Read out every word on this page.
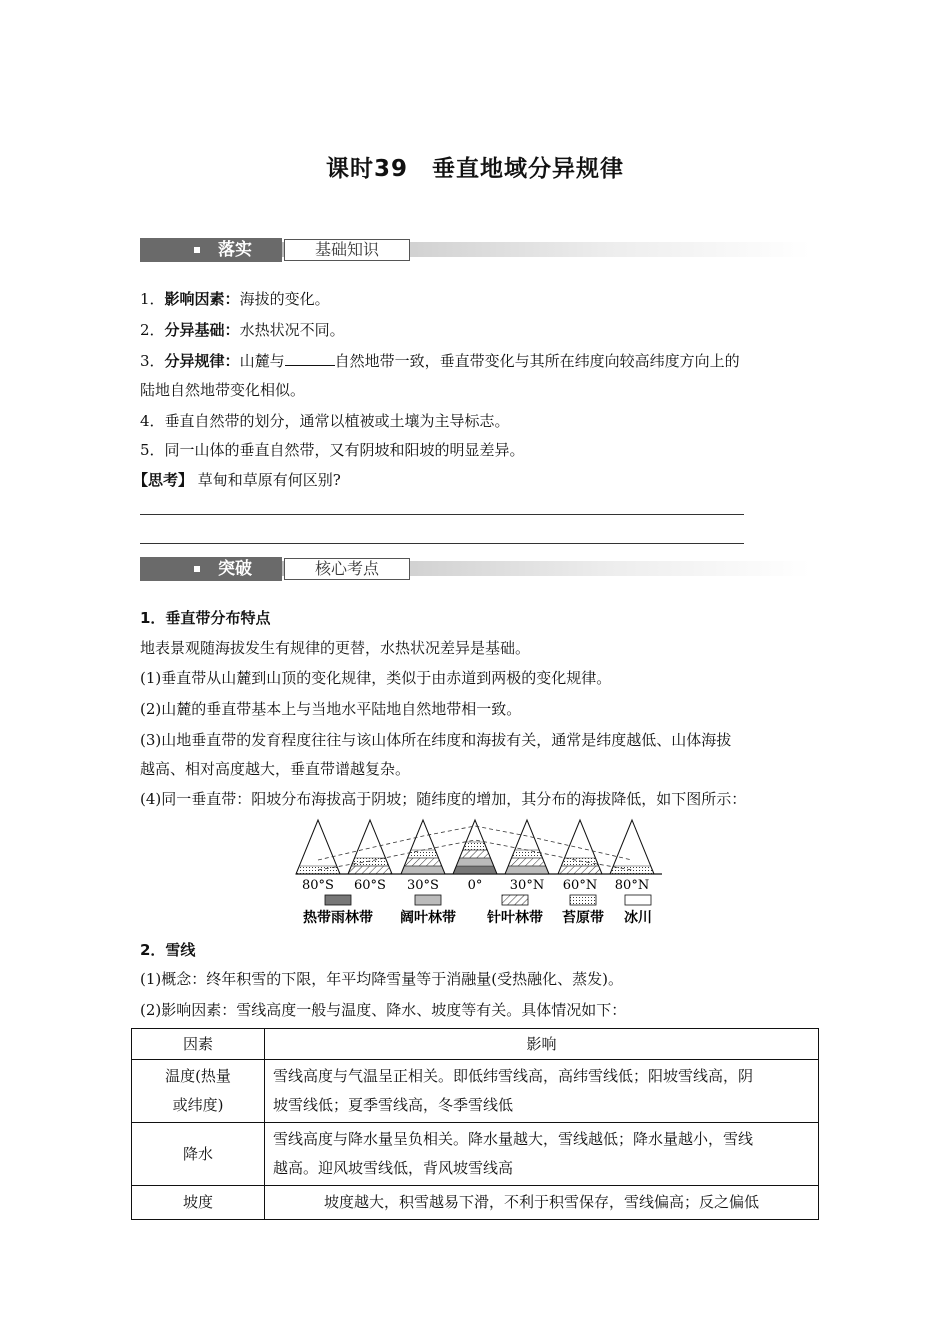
课时39　垂直地域分异规律
落实	基础知识
1．影响因素：海拔的变化。
2．分异基础：水热状况不同。
3．分异规律：山麓与	自然地带一致，垂直带变化与其所在纬度向较高纬度方向上的
陆地自然地带变化相似。
4．垂直自然带的划分，通常以植被或土壤为主导标志。
5．同一山体的垂直自然带，又有阴坡和阳坡的明显差异。
【思考】 草甸和草原有何区别?
突破	核心考点
1．垂直带分布特点
地表景观随海拔发生有规律的更替，水热状况差异是基础。
(1)垂直带从山麓到山顶的变化规律，类似于由赤道到两极的变化规律。
(2)山麓的垂直带基本上与当地水平陆地自然地带相一致。
(3)山地垂直带的发育程度往往与该山体所在纬度和海拔有关，通常是纬度越低、山体海拔
越高、相对高度越大，垂直带谱越复杂。
(4)同一垂直带：阳坡分布海拔高于阴坡；随纬度的增加，其分布的海拔降低，如下图所示：
80°S 60°S 30°S 0° 30°N 60°N 80°N
热带雨林带 阔叶林带 针叶林带 苔原带 冰川
2．雪线
(1)概念：终年积雪的下限，年平均降雪量等于消融量(受热融化、蒸发)。
(2)影响因素：雪线高度一般与温度、降水、坡度等有关。具体情况如下：
因素	影响
温度(热量
或纬度)	雪线高度与气温呈正相关。即低纬雪线高，高纬雪线低；阳坡雪线高，阴
坡雪线低；夏季雪线高，冬季雪线低
降水	雪线高度与降水量呈负相关。降水量越大，雪线越低；降水量越小，雪线
越高。迎风坡雪线低，背风坡雪线高
坡度	坡度越大，积雪越易下滑，不利于积雪保存，雪线偏高；反之偏低
